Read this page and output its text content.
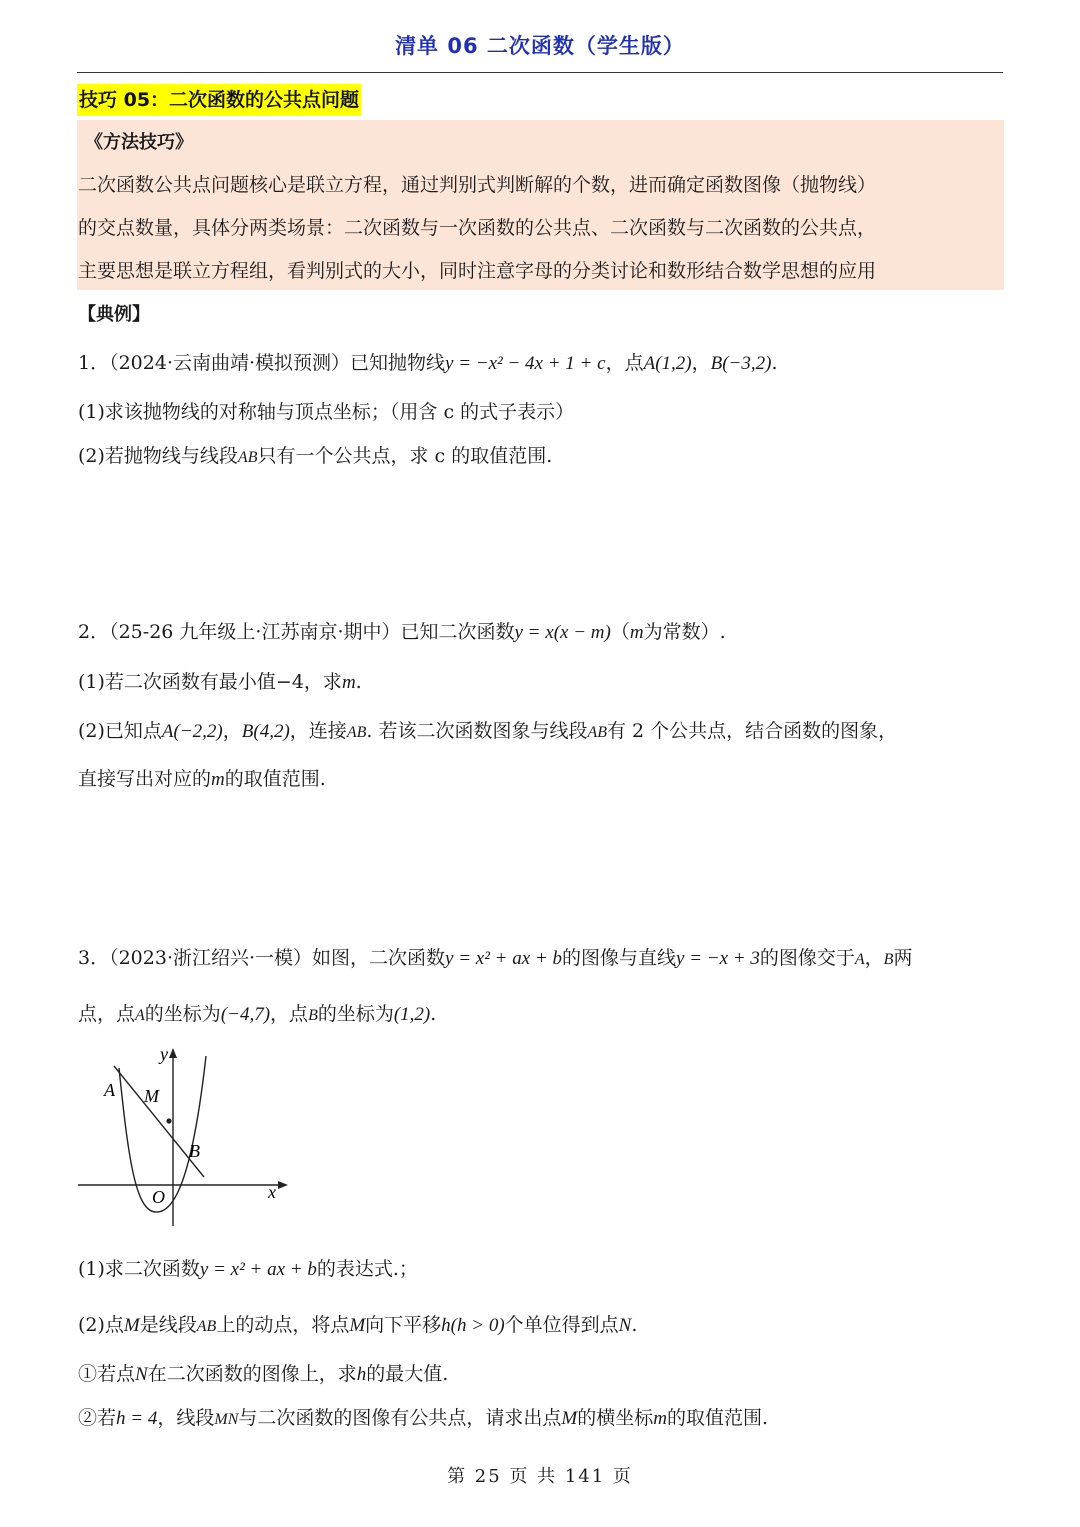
清单 06 二次函数（学生版）
技巧 05：二次函数的公共点问题
《方法技巧》
二次函数公共点问题核心是联立方程，通过判别式判断解的个数，进而确定函数图像（抛物线）
的交点数量，具体分两类场景：二次函数与一次函数的公共点、二次函数与二次函数的公共点，
主要思想是联立方程组，看判别式的大小，同时注意字母的分类讨论和数形结合数学思想的应用
【典例】
1．（2024·云南曲靖·模拟预测）已知抛物线y = −x² − 4x + 1 + c，点A(1,2)，B(−3,2).
(1)求该抛物线的对称轴与顶点坐标；（用含 c 的式子表示）
(2)若抛物线与线段AB只有一个公共点，求 c 的取值范围.
2．（25-26 九年级上·江苏南京·期中）已知二次函数y = x(x − m)（m为常数）.
(1)若二次函数有最小值−4，求m.
(2)已知点A(−2,2)，B(4,2)，连接AB. 若该二次函数图象与线段AB有 2 个公共点，结合函数的图象，
直接写出对应的m的取值范围.
3．（2023·浙江绍兴·一模）如图，二次函数y = x² + ax + b的图像与直线y = −x + 3的图像交于A，B两
点，点A的坐标为(−4,7)，点B的坐标为(1,2).
y
x
O
A M
B
(1)求二次函数y = x² + ax + b的表达式.；
(2)点M是线段AB上的动点，将点M向下平移h(h > 0)个单位得到点N.
①若点N在二次函数的图像上，求h的最大值.
②若h = 4，线段MN与二次函数的图像有公共点，请求出点M的横坐标m的取值范围.
第 25 页 共 141 页
